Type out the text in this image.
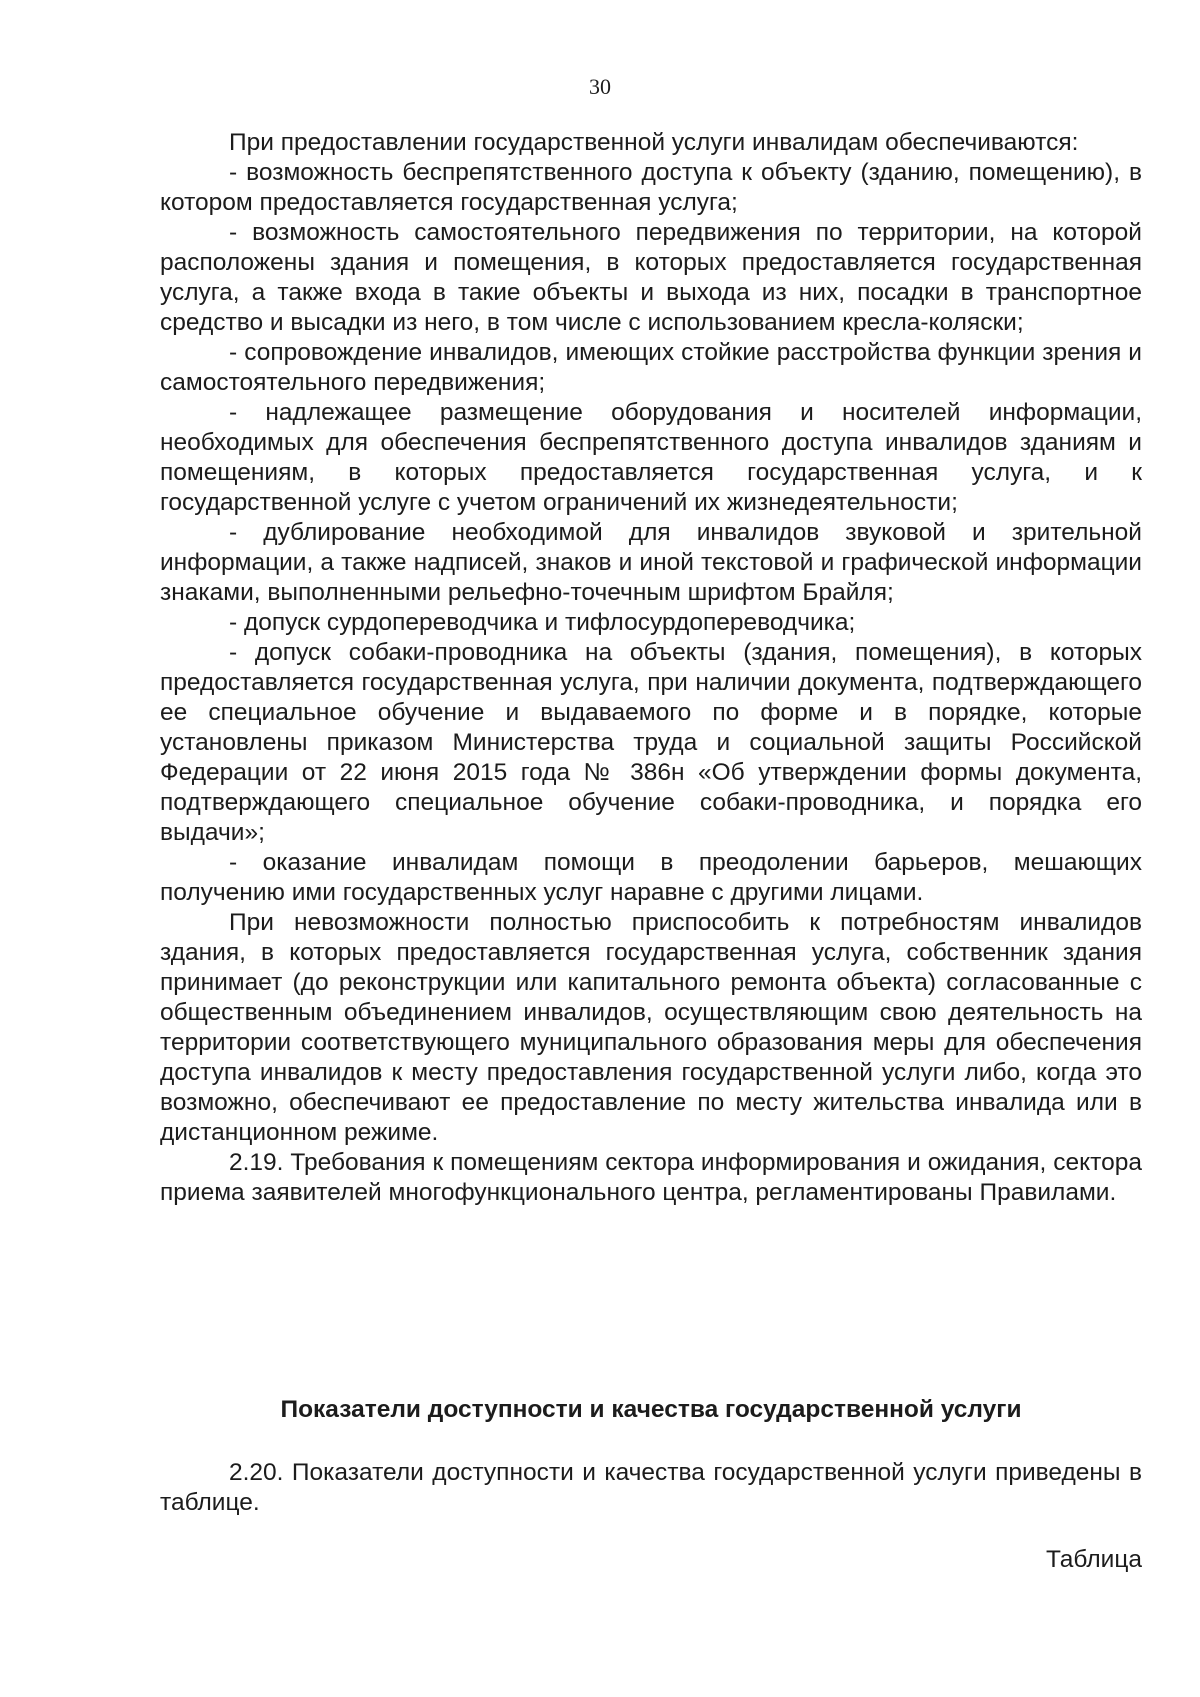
30

При предоставлении государственной услуги инвалидам обеспечиваются:

- возможность беспрепятственного доступа к объекту (зданию, помещению), в котором предоставляется государственная услуга;

- возможность самостоятельного передвижения по территории, на которой расположены здания и помещения, в которых предоставляется государственная услуга, а также входа в такие объекты и выхода из них, посадки в транспортное средство и высадки из него, в том числе с использованием кресла-коляски;

- сопровождение инвалидов, имеющих стойкие расстройства функции зрения и самостоятельного передвижения;

- надлежащее размещение оборудования и носителей информации, необходимых для обеспечения беспрепятственного доступа инвалидов зданиям и помещениям, в которых предоставляется государственная услуга, и к государственной услуге с учетом ограничений их жизнедеятельности;

- дублирование необходимой для инвалидов звуковой и зрительной информации, а также надписей, знаков и иной текстовой и графической информации знаками, выполненными рельефно-точечным шрифтом Брайля;

- допуск сурдопереводчика и тифлосурдопереводчика;

- допуск собаки-проводника на объекты (здания, помещения), в которых предоставляется государственная услуга, при наличии документа, подтверждающего ее специальное обучение и выдаваемого по форме и в порядке, которые установлены приказом Министерства труда и социальной защиты Российской Федерации от 22 июня 2015 года № 386н «Об утверждении формы документа, подтверждающего специальное обучение собаки-проводника, и порядка его выдачи»;

- оказание инвалидам помощи в преодолении барьеров, мешающих получению ими государственных услуг наравне с другими лицами.

При невозможности полностью приспособить к потребностям инвалидов здания, в которых предоставляется государственная услуга, собственник здания принимает (до реконструкции или капитального ремонта объекта) согласованные с общественным объединением инвалидов, осуществляющим свою деятельность на территории соответствующего муниципального образования меры для обеспечения доступа инвалидов к месту предоставления государственной услуги либо, когда это возможно, обеспечивают ее предоставление по месту жительства инвалида или в дистанционном режиме.

2.19. Требования к помещениям сектора информирования и ожидания, сектора приема заявителей многофункционального центра, регламентированы Правилами.

Показатели доступности и качества государственной услуги

2.20. Показатели доступности и качества государственной услуги приведены в таблице.

Таблица
